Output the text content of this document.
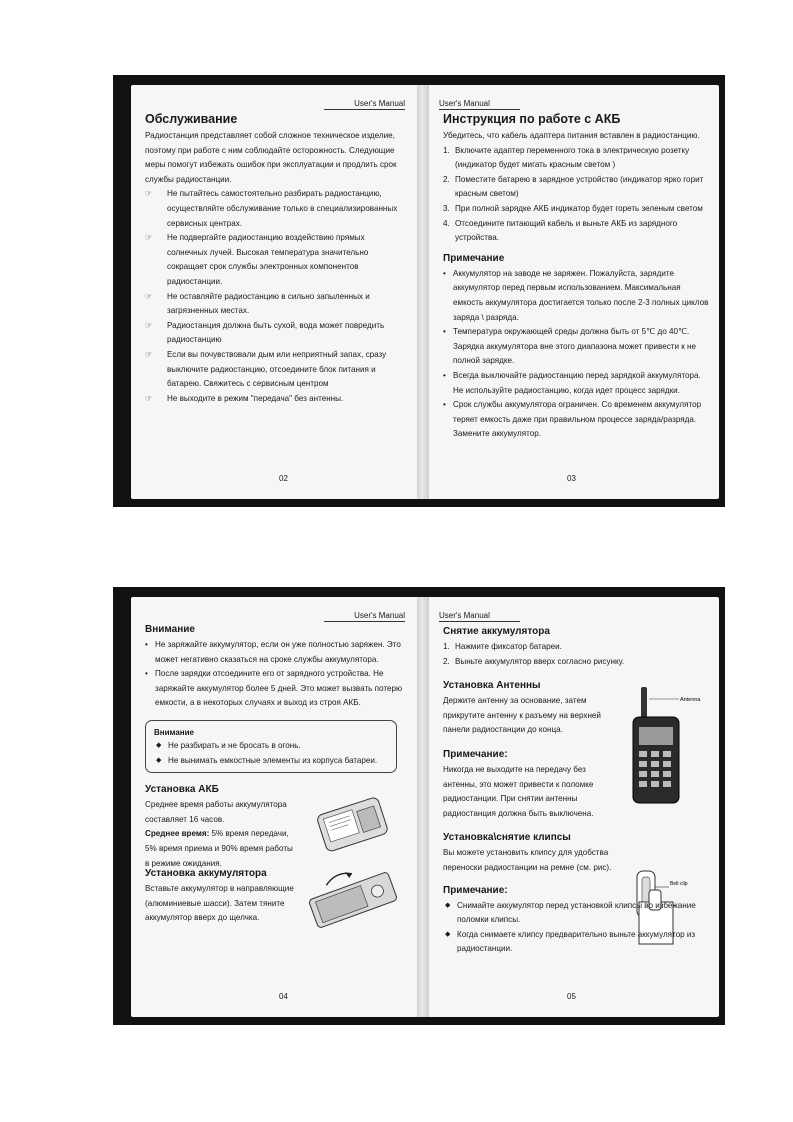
User's Manual
Обслуживание

Радиостанция представляет собой сложное техническое изделие, поэтому при работе с ним соблюдайте осторожность. Следующие меры помогут избежать ошибок при эксплуатации и продлить срок службы радиостанции.

☞ Не пытайтесь самостоятельно разбирать радиостанцию, осуществляйте обслуживание только в специализированных сервисных центрах.
☞ Не подвергайте радиостанцию воздействию прямых солнечных лучей. Высокая температура значительно сокращает срок службы электронных компонентов радиостанции.
☞ Не оставляйте радиостанцию в сильно запыленных и загрязненных местах.
☞ Радиостанция должна быть сухой, вода может повредить радиостанцию
☞ Если вы почувствовали дым или неприятный запах, сразу выключите радиостанцию, отсоедините блок питания и батарею. Свяжитесь с сервисным центром
☞ Не выходите в режим "передача" без антенны.
02
User's Manual
Инструкция по работе с АКБ

Убедитесь, что кабель адаптера питания вставлен в радиостанцию.

1. Включите адаптер переменного тока в электрическую розетку (индикатор будет мигать красным светом )
2. Поместите батарею в зарядное устройство (индикатор ярко горит красным светом)
3. При полной зарядке АКБ индикатор будет гореть зеленым светом
4. Отсоедините питающий кабель и выньте АКБ из зарядного устройства.
Примечание
• Аккумулятор на заводе не заряжен. Пожалуйста, зарядите аккумулятор перед первым использованием. Максимальная емкость аккумулятора достигается только после 2-3 полных циклов заряда \ разряда.
• Температура окружающей среды должна быть от 5℃ до 40℃. Зарядка аккумулятора вне этого диапазона может привести к не полной зарядке.
• Всегда выключайте радиостанцию перед зарядкой аккумулятора. Не используйте радиостанцию, когда идет процесс зарядки.
• Срок службы аккумулятора ограничен. Со временем аккумулятор теряет емкость даже при правильном процессе заряда/разряда. Замените аккумулятор.
03
User's Manual
Внимание
• Не заряжайте аккумулятор, если он уже полностью заряжен. Это может негативно сказаться на сроке службы аккумулятора.
• После зарядки отсоедините его от зарядного устройства. Не заряжайте аккумулятор более 5 дней. Это может вызвать потерю емкости, а в некоторых случаях и выход из строя АКБ.
Внимание
◆ Не разбирать и не бросать в огонь.
◆ Не вынимать емкостные элементы из корпуса батареи.
Установка АКБ

Среднее время работы аккумулятора составляет 16 часов.

Среднее время: 5% время передачи, 5% время приема и 90% время работы в режиме ожидания.

Установка аккумулятора

Вставьте аккумулятор в направляющие (алюминиевые шасси). Затем тяните аккумулятор вверх до щелчка.

04
User's Manual
Снятие аккумулятора
1. Нажмите фиксатор батареи.
2. Выньте аккумулятор вверх согласно рисунку.
Установка Антенны

Держите антенну за основание, затем прикрутите антенну к разъему на верхней панели радиостанции до конца.

Примечание:

Никогда не выходите на передачу без антенны, это может привести к поломке радиостанции. При снятии антенны радиостанция должна быть выключена.

Установка\снятие клипсы

Вы можете установить клипсу для удобства переноски радиостанции на ремне (см. рис).

Antenna
Belt clip
Примечание:
◆ Снимайте аккумулятор перед установкой клипсы во избежание поломки клипсы.
◆ Когда снимаете клипсу предварительно выньте аккумулятор из радиостанции.
05
